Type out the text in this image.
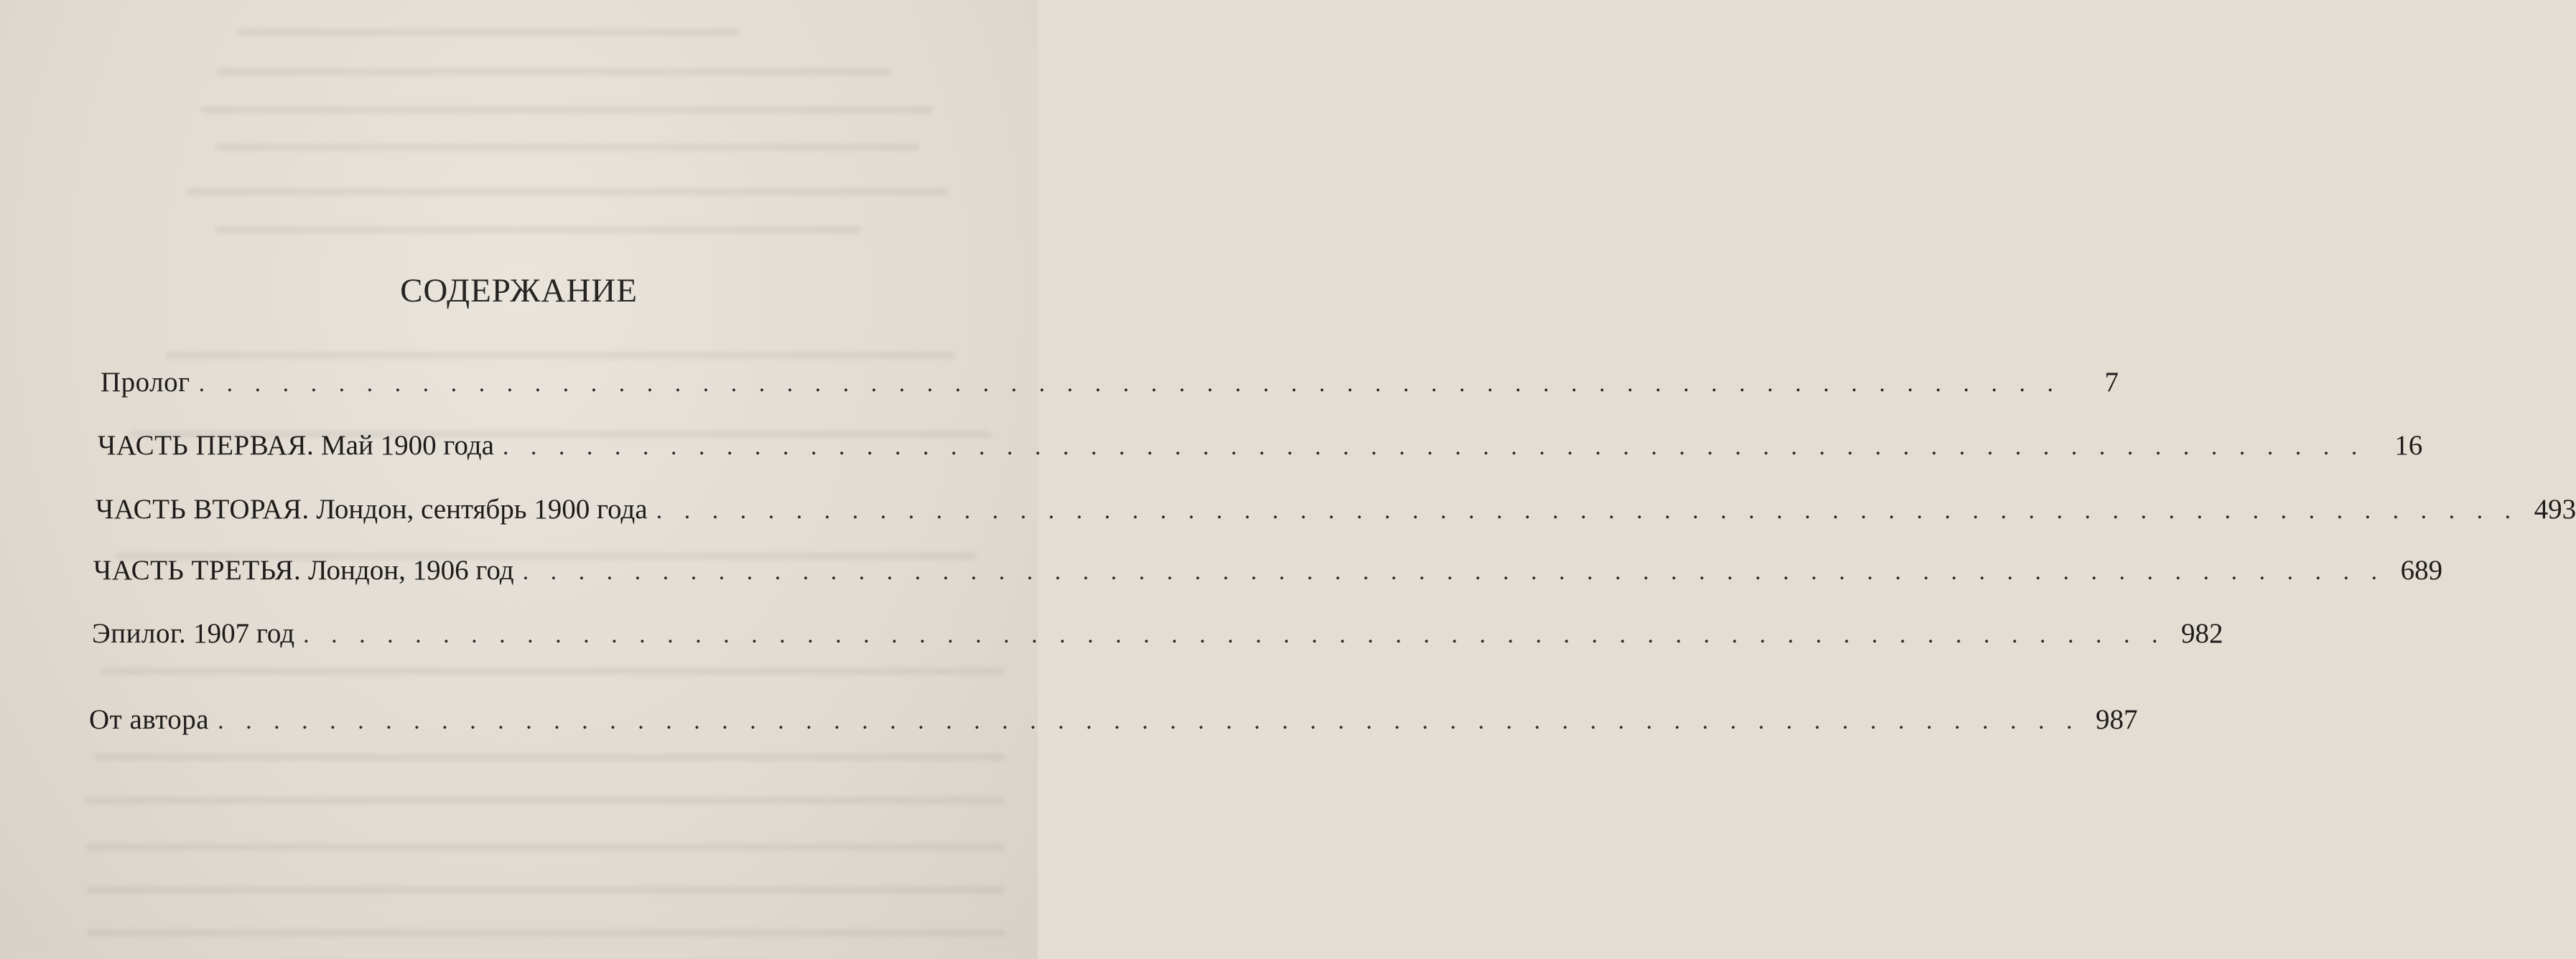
СОДЕРЖАНИЕ
Пролог . . . . . . . . . . . . . . . . . . . . . . . . . . . . . . . . . . . . . . . . . . . . . . . . . . . . . . . . . . . . . . . . . . .	7
ЧАСТЬ ПЕРВАЯ. Май 1900 года . . . . . . . . . . . . . . . . . . . . . . . . . . . . . . . . . . . . . . . . . . . . . . . . . . . . . . . . . . . . . . . . . . .	16
ЧАСТЬ ВТОРАЯ. Лондон, сентябрь 1900 года . . . . . . . . . . . . . . . . . . . . . . . . . . . . . . . . . . . . . . . . . . . . . . . . . . . . . . . . . . . . . . . . . . . 493
ЧАСТЬ ТРЕТЬЯ. Лондон, 1906 год . . . . . . . . . . . . . . . . . . . . . . . . . . . . . . . . . . . . . . . . . . . . . . . . . . . . . . . . . . . . . . . . . . . 689
Эпилог. 1907 год . . . . . . . . . . . . . . . . . . . . . . . . . . . . . . . . . . . . . . . . . . . . . . . . . . . . . . . . . . . . . . . . . . . 982
От автора . . . . . . . . . . . . . . . . . . . . . . . . . . . . . . . . . . . . . . . . . . . . . . . . . . . . . . . . . . . . . . . . . . . 987
